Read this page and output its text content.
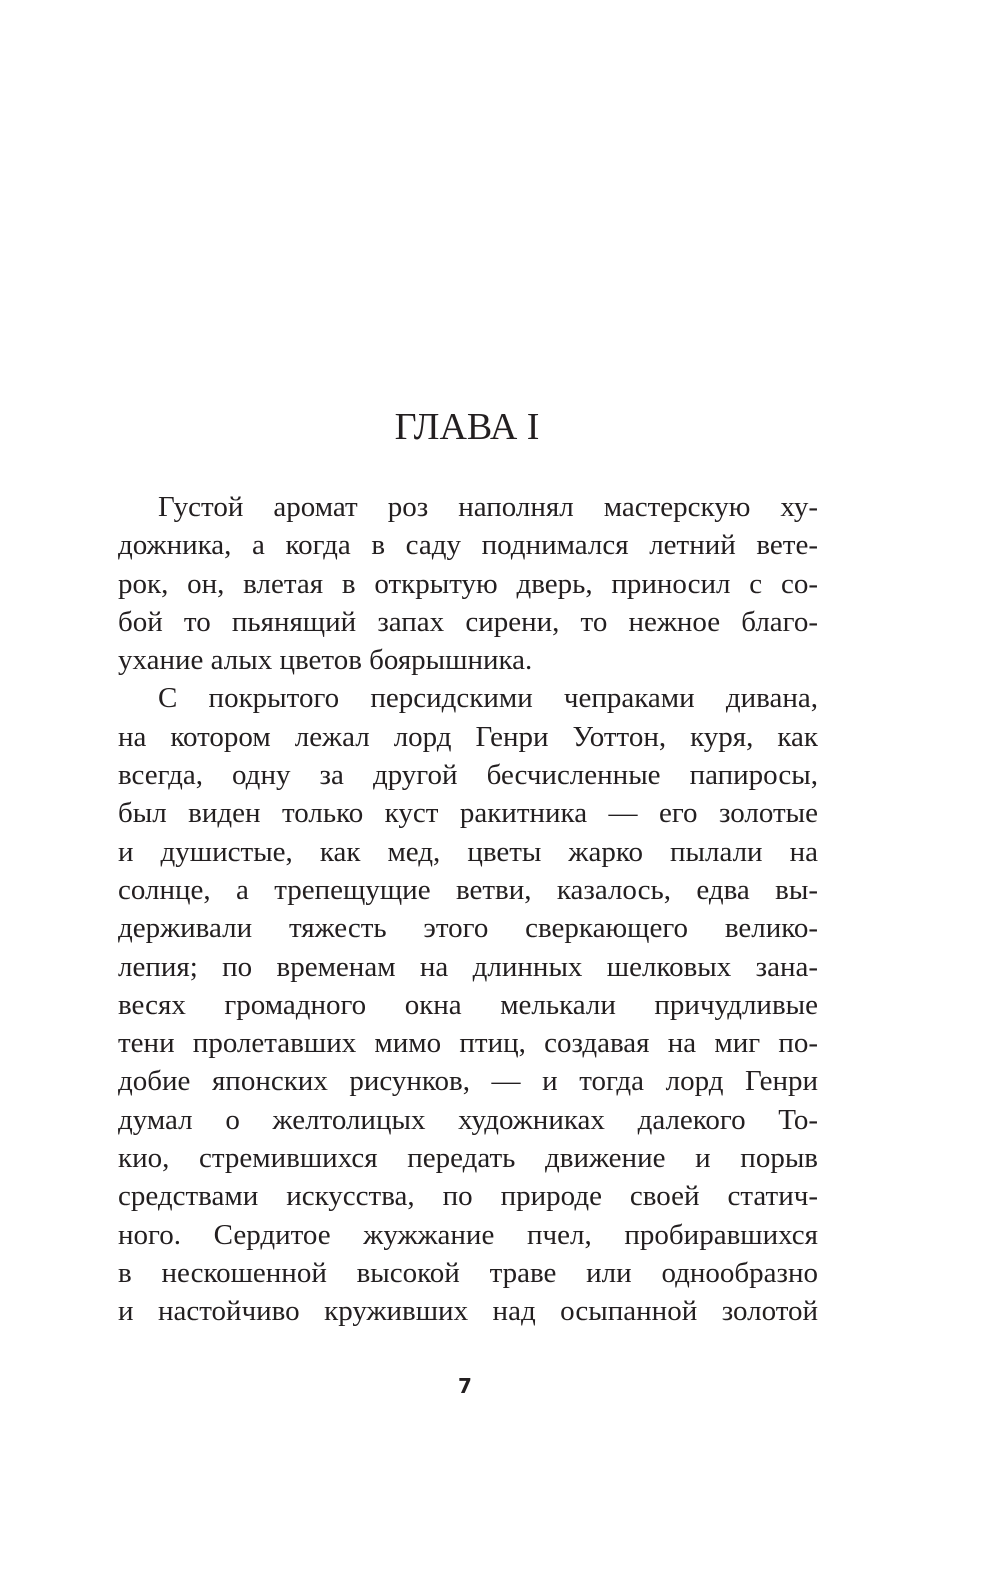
ГЛАВА I
Густой аромат роз наполнял мастерскую ху-
дожника, а когда в саду поднимался летний вете-
рок, он, влетая в открытую дверь, приносил с со-
бой то пьянящий запах сирени, то нежное благо-
ухание алых цветов боярышника.
С покрытого персидскими чепраками дивана,
на котором лежал лорд Генри Уоттон, куря, как
всегда, одну за другой бесчисленные папиросы,
был виден только куст ракитника — его золотые
и душистые, как мед, цветы жарко пылали на
солнце, а трепещущие ветви, казалось, едва вы-
держивали тяжесть этого сверкающего велико-
лепия; по временам на длинных шелковых зана-
весях громадного окна мелькали причудливые
тени пролетавших мимо птиц, создавая на миг по-
добие японских рисунков, — и тогда лорд Генри
думал о желтолицых художниках далекого То-
кио, стремившихся передать движение и порыв
средствами искусства, по природе своей статич-
ного. Сердитое жужжание пчел, пробиравшихся
в нескошенной высокой траве или однообразно
и настойчиво круживших над осыпанной золотой
7
